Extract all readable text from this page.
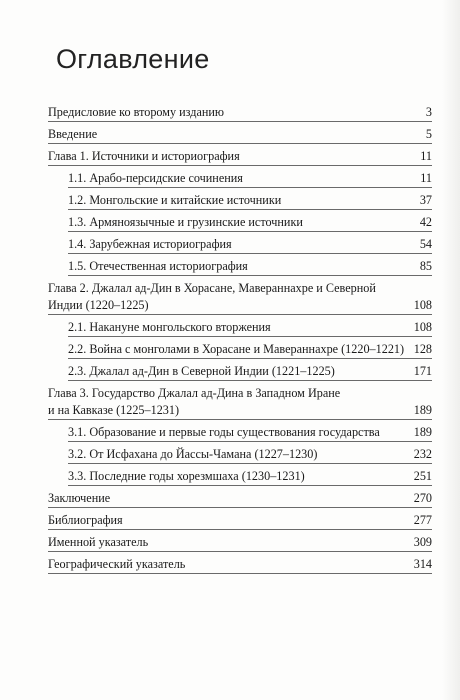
Оглавление
Предисловие ко второму изданию	3
Введение	5
Глава 1. Источники и историография	11
1.1. Арабо-персидские сочинения	11
1.2. Монгольские и китайские источники	37
1.3. Армяноязычные и грузинские источники	42
1.4. Зарубежная историография	54
1.5. Отечественная историография	85
Глава 2. Джалал ад-Дин в Хорасане, Мавераннахре и Северной
Индии (1220–1225)	108
2.1. Накануне монгольского вторжения	108
2.2. Война с монголами в Хорасане и Мавераннахре (1220–1221) 128
2.3. Джалал ад-Дин в Северной Индии (1221–1225)	171
Глава 3. Государство Джалал ад-Дина в Западном Иране
и на Кавказе (1225–1231)	189
3.1. Образование и первые годы существования государства	189
3.2. От Исфахана до Йассы-Чамана (1227–1230)	232
3.3. Последние годы хорезмшаха (1230–1231)	251
Заключение	270
Библиография	277
Именной указатель	309
Географический указатель	314
